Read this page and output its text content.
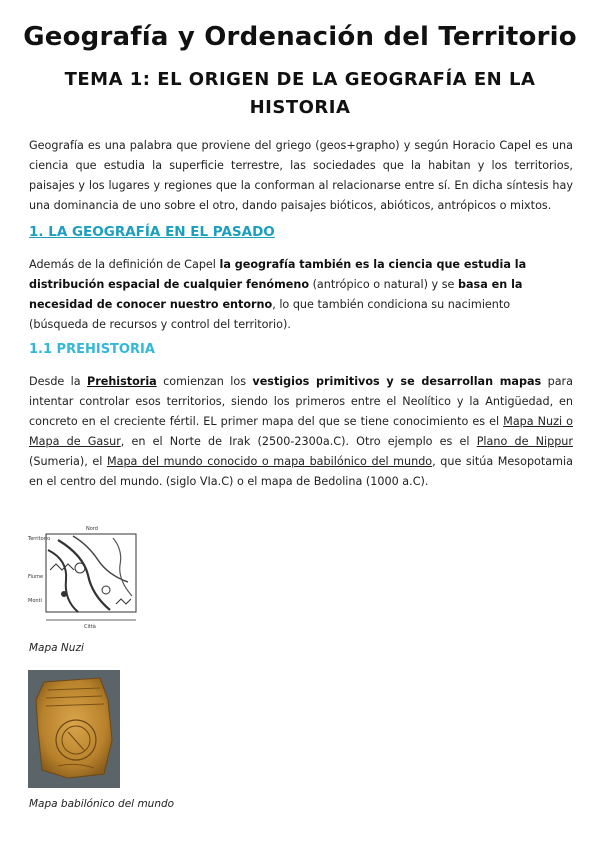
Geografía y Ordenación del Territorio
TEMA 1: EL ORIGEN DE LA GEOGRAFÍA EN LA HISTORIA
Geografía es una palabra que proviene del griego (geos+grapho) y según Horacio Capel es una ciencia que estudia la superficie terrestre, las sociedades que la habitan y los territorios, paisajes y los lugares y regiones que la conforman al relacionarse entre sí. En dicha síntesis hay una dominancia de uno sobre el otro, dando paisajes bióticos, abióticos, antrópicos o mixtos.
1. LA GEOGRAFÍA EN EL PASADO
Además de la definición de Capel la geografía también es la ciencia que estudia la distribución espacial de cualquier fenómeno (antrópico o natural) y se basa en la necesidad de conocer nuestro entorno, lo que también condiciona su nacimiento (búsqueda de recursos y control del territorio).
1.1 PREHISTORIA
Desde la Prehistoria comienzan los vestigios primitivos y se desarrollan mapas para intentar controlar esos territorios, siendo los primeros entre el Neolítico y la Antigüedad, en concreto en el creciente fértil. EL primer mapa del que se tiene conocimiento es el Mapa Nuzi o Mapa de Gasur, en el Norte de Irak (2500-2300a.C). Otro ejemplo es el Plano de Nippur (Sumeria), el Mapa del mundo conocido o mapa babilónico del mundo, que sitúa Mesopotamia en el centro del mundo. (siglo VIa.C) o el mapa de Bedolina (1000 a.C).
Nord
Territorio
Fiume
Monti
Città
Mapa Nuzi
Mapa babilónico del mundo
